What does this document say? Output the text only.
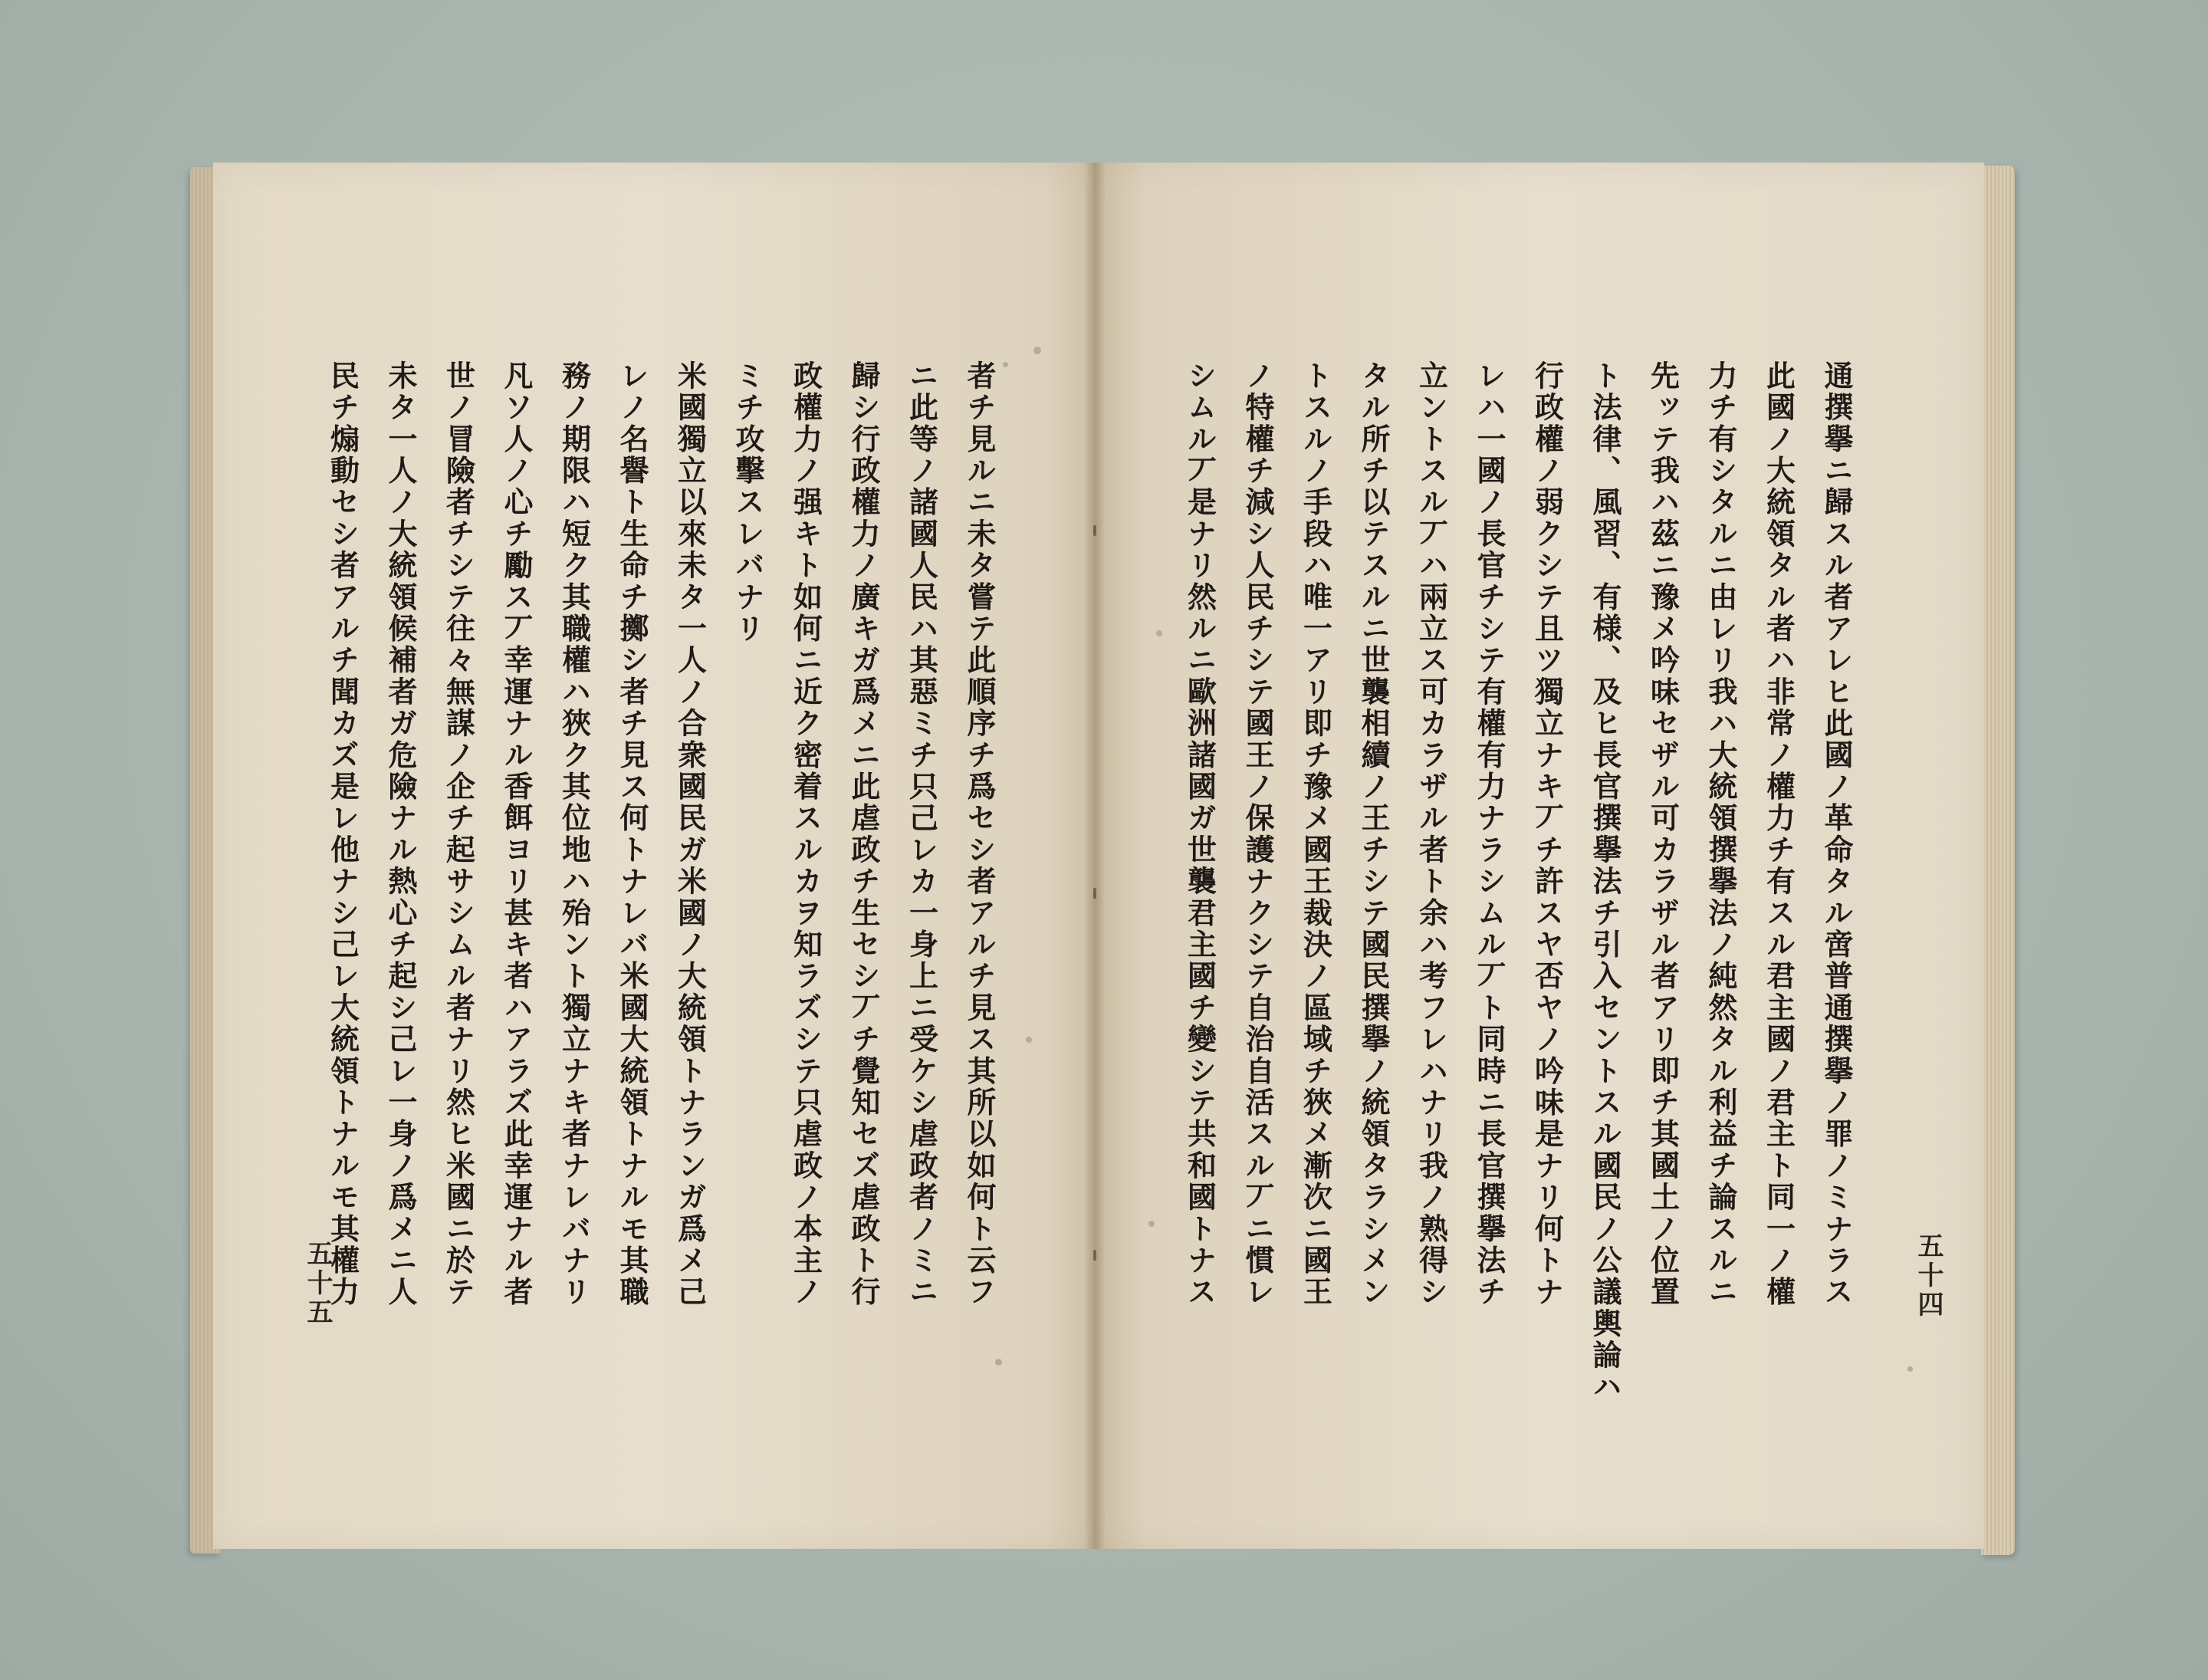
者チ見ルニ未タ嘗テ此順序チ爲セシ者アルチ見ス其所以如何ト云フ
ニ此等ノ諸國人民ハ其惡ミチ只己レカ一身上ニ受ケシ虐政者ノミニ
歸シ行政權力ノ廣キガ爲メニ此虐政チ生セシ丆チ覺知セズ虐政ト行
政權力ノ强キト如何ニ近ク密着スルカヲ知ラズシテ只虐政ノ本主ノ
ミチ攻擊スレバナリ
米國獨立以來未タ一人ノ合衆國民ガ米國ノ大統領トナランガ爲メ己
レノ名譽ト生命チ擲シ者チ見ス何トナレバ米國大統領トナルモ其職
務ノ期限ハ短ク其職權ハ狹ク其位地ハ殆ント獨立ナキ者ナレバナリ
凡ソ人ノ心チ勵ス丆幸運ナル香餌ヨリ甚キ者ハアラズ此幸運ナル者
世ノ冒險者チシテ往々無謀ノ企チ起サシムル者ナリ然ヒ米國ニ於テ
未タ一人ノ大統領候補者ガ危險ナル熱心チ起シ己レ一身ノ爲メニ人
民チ煽動セシ者アルチ聞カズ是レ他ナシ己レ大統領トナルモ其權力
五十五	通撰擧ニ歸スル者アレヒ此國ノ革命タル啻普通撰擧ノ罪ノミナラス
此國ノ大統領タル者ハ非常ノ權力チ有スル君主國ノ君主ト同一ノ權
力チ有シタルニ由レリ我ハ大統領撰擧法ノ純然タル利益チ論スルニ
先ッテ我ハ茲ニ豫メ吟味セザル可カラザル者アリ即チ其國土ノ位置
ト法律、風習、有様、及ヒ長官撰擧法チ引入セントスル國民ノ公議輿論ハ
行政權ノ弱クシテ且ツ獨立ナキ丆チ許スヤ否ヤノ吟味是ナリ何トナ
レハ一國ノ長官チシテ有權有力ナラシムル丆ト同時ニ長官撰擧法チ
立ントスル丆ハ兩立ス可カラザル者ト余ハ考フレハナリ我ノ熟得シ
タル所チ以テスルニ世襲相續ノ王チシテ國民撰擧ノ統領タラシメン
トスルノ手段ハ唯一アリ即チ豫メ國王裁決ノ區域チ狹メ漸次ニ國王
ノ特權チ減シ人民チシテ國王ノ保護ナクシテ自治自活スル丆ニ慣レ
シムル丆是ナリ然ルニ歐洲諸國ガ世襲君主國チ變シテ共和國トナス	五十四
